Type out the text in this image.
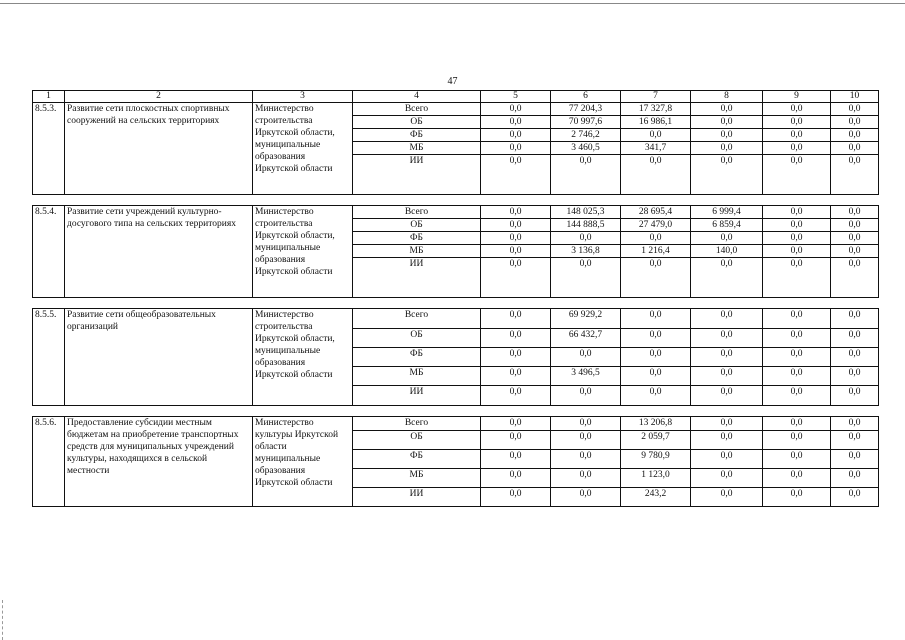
47
1	2	3	4	5	6	7	8	9	10
8.5.3.	Развитие сети плоскостных спортивных сооружений на сельских территориях	Министерство строительства Иркутской области, муниципальные образования Иркутской области	Всего	0,0	77 204,3	17 327,8	0,0	0,0	0,0
			ОБ	0,0	70 997,6	16 986,1	0,0	0,0	0,0
			ФБ	0,0	2 746,2	0,0	0,0	0,0	0,0
			МБ	0,0	3 460,5	341,7	0,0	0,0	0,0
			ИИ	0,0	0,0	0,0	0,0	0,0	0,0

8.5.4.	Развитие сети учреждений культурно-досугового типа на сельских территориях	Министерство строительства Иркутской области, муниципальные образования Иркутской области	Всего	0,0	148 025,3	28 695,4	6 999,4	0,0	0,0
			ОБ	0,0	144 888,5	27 479,0	6 859,4	0,0	0,0
			ФБ	0,0	0,0	0,0	0,0	0,0	0,0
			МБ	0,0	3 136,8	1 216,4	140,0	0,0	0,0
			ИИ	0,0	0,0	0,0	0,0	0,0	0,0

8.5.5.	Развитие сети общеобразовательных организаций	Министерство строительства Иркутской области, муниципальные образования Иркутской области	Всего	0,0	69 929,2	0,0	0,0	0,0	0,0
			ОБ	0,0	66 432,7	0,0	0,0	0,0	0,0
			ФБ	0,0	0,0	0,0	0,0	0,0	0,0
			МБ	0,0	3 496,5	0,0	0,0	0,0	0,0
			ИИ	0,0	0,0	0,0	0,0	0,0	0,0

8.5.6.	Предоставление субсидии местным бюджетам на приобретение транспортных средств для муниципальных учреждений культуры, находящихся в сельской местности	Министерство культуры Иркутской области муниципальные образования Иркутской области	Всего	0,0	0,0	13 206,8	0,0	0,0	0,0
			ОБ	0,0	0,0	2 059,7	0,0	0,0	0,0
			ФБ	0,0	0,0	9 780,9	0,0	0,0	0,0
			МБ	0,0	0,0	1 123,0	0,0	0,0	0,0
			ИИ	0,0	0,0	243,2	0,0	0,0	0,0
